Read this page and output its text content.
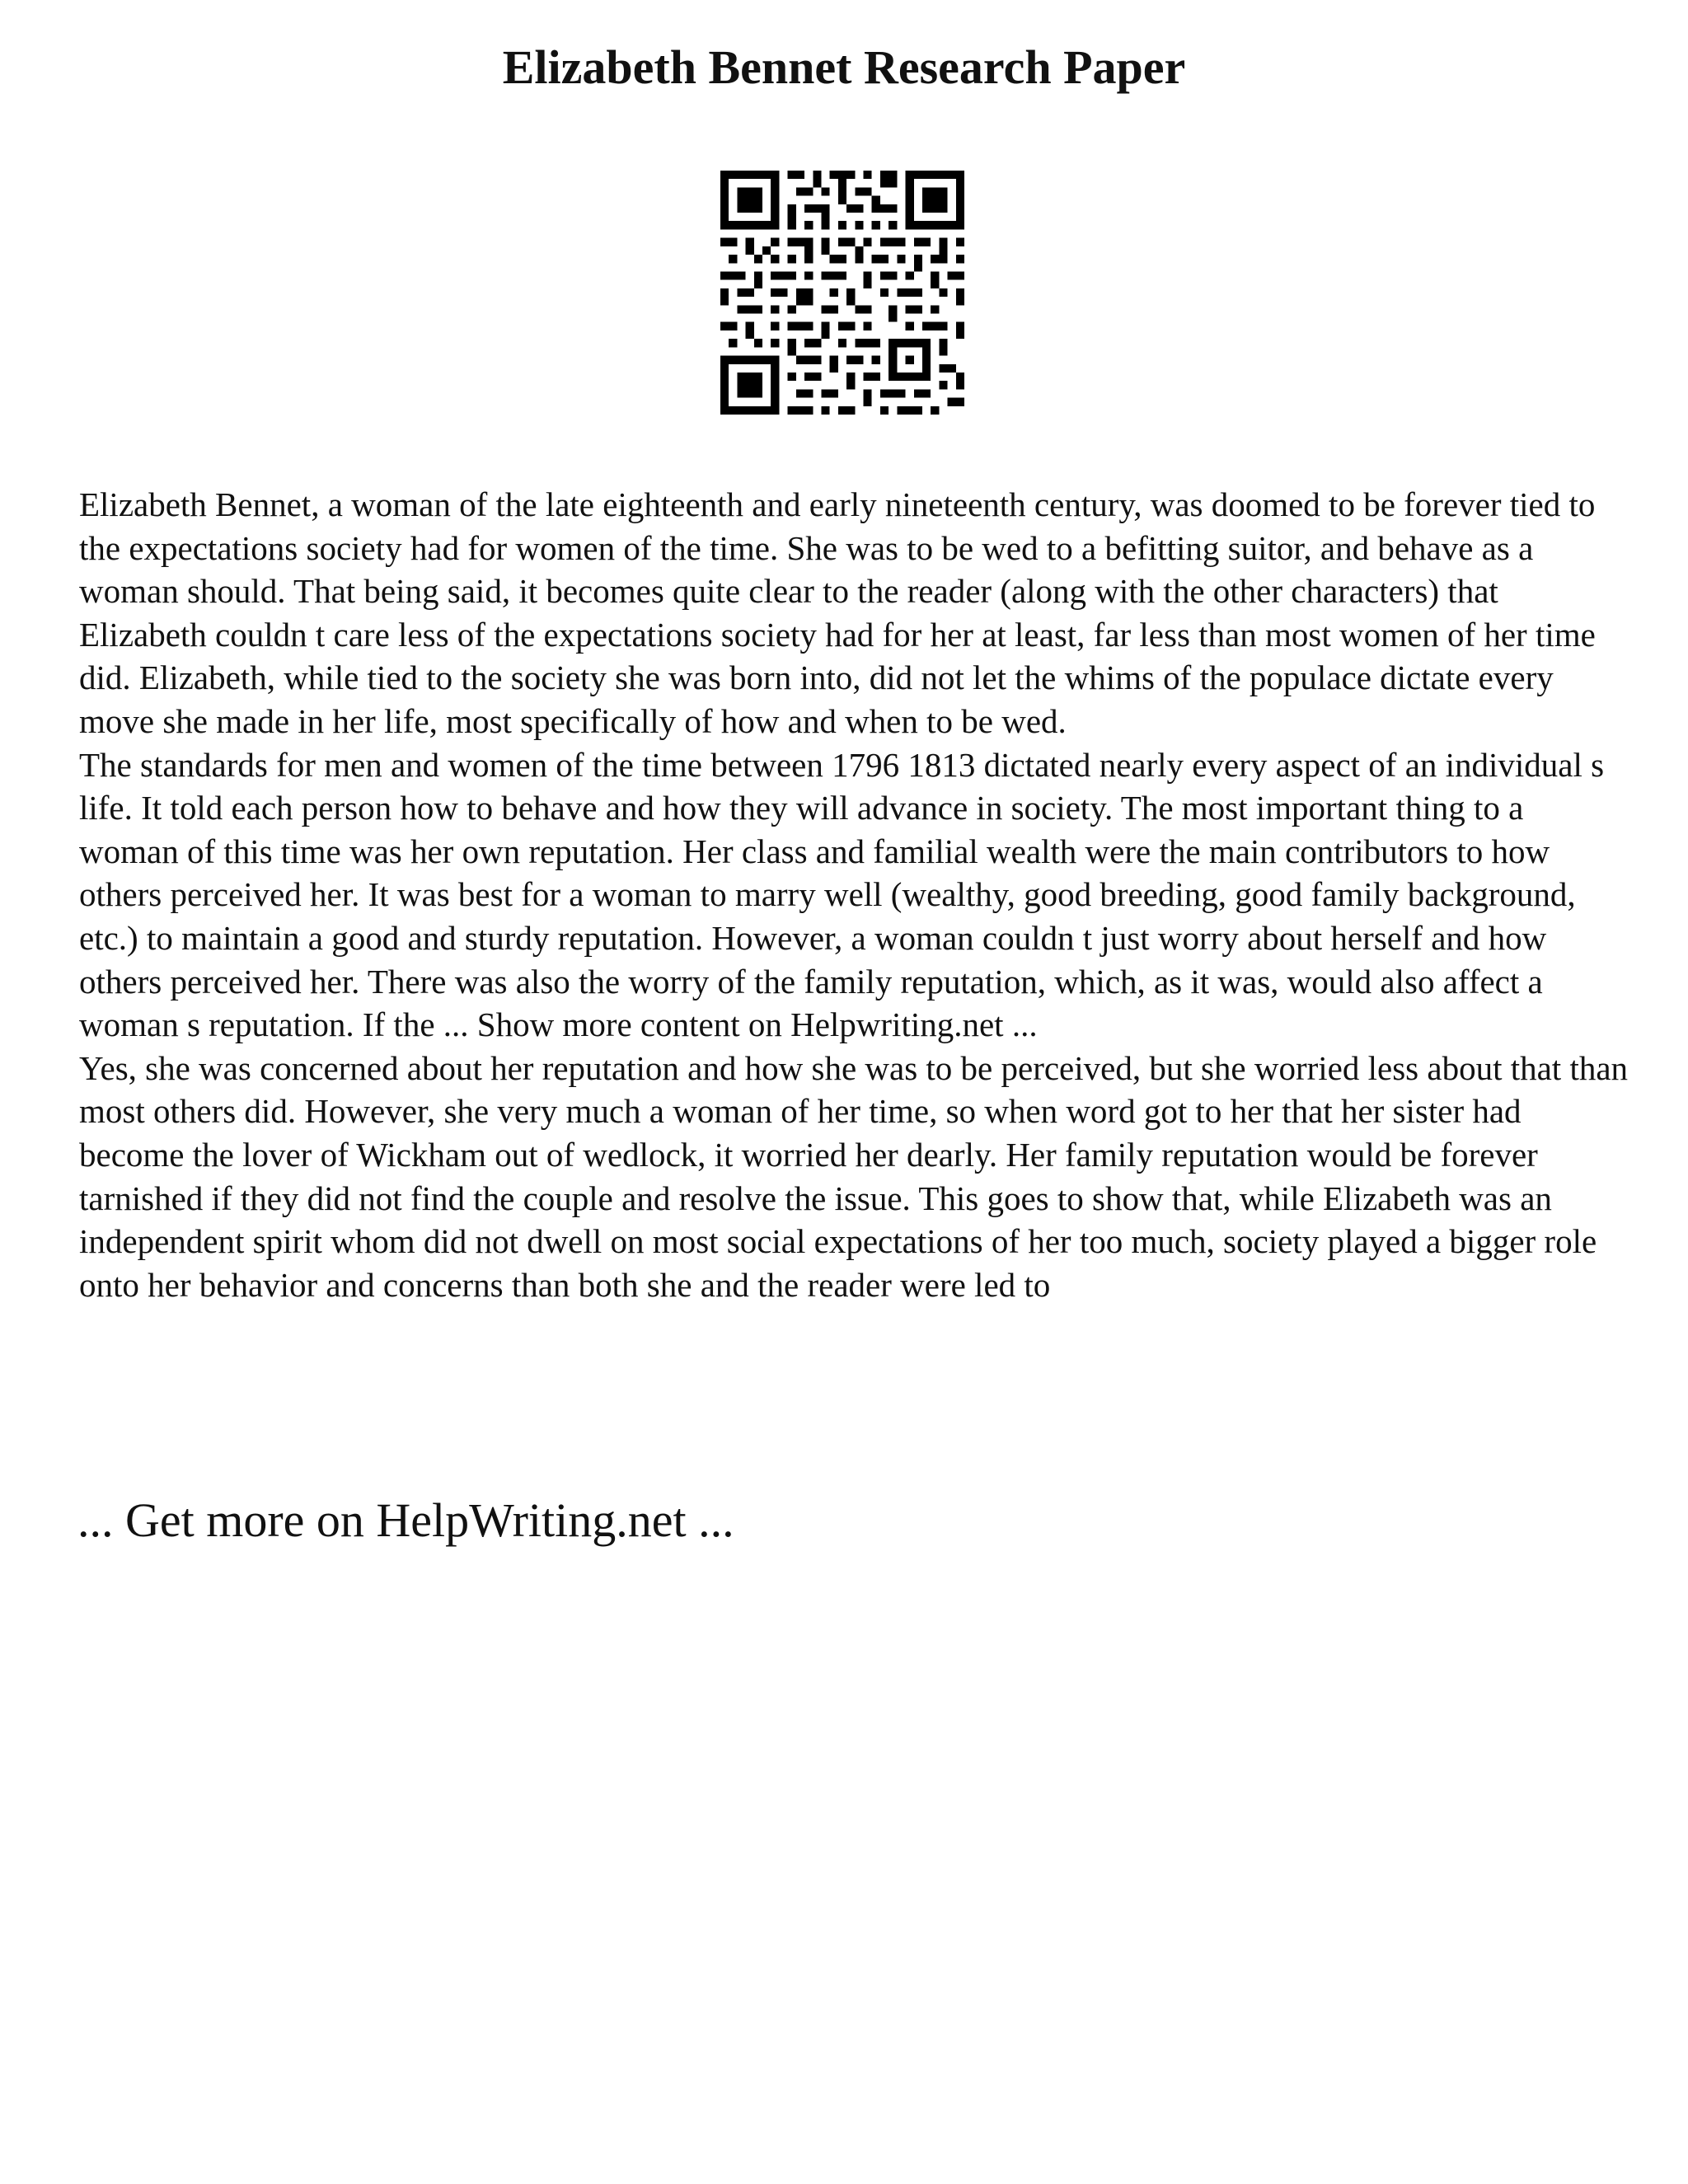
Elizabeth Bennet Research Paper

Elizabeth Bennet, a woman of the late eighteenth and early nineteenth century, was doomed to be forever tied to the expectations society had for women of the time. She was to be wed to a befitting suitor, and behave as a woman should. That being said, it becomes quite clear to the reader (along with the other characters) that Elizabeth couldn t care less of the expectations society had for her at least, far less than most women of her time did. Elizabeth, while tied to the society she was born into, did not let the whims of the populace dictate every move she made in her life, most specifically of how and when to be wed.

The standards for men and women of the time between 1796 1813 dictated nearly every aspect of an individual s life. It told each person how to behave and how they will advance in society. The most important thing to a woman of this time was her own reputation. Her class and familial wealth were the main contributors to how others perceived her. It was best for a woman to marry well (wealthy, good breeding, good family background, etc.) to maintain a good and sturdy reputation. However, a woman couldn t just worry about herself and how others perceived her. There was also the worry of the family reputation, which, as it was, would also affect a woman s reputation. If the ... Show more content on Helpwriting.net ...

Yes, she was concerned about her reputation and how she was to be perceived, but she worried less about that than most others did. However, she very much a woman of her time, so when word got to her that her sister had become the lover of Wickham out of wedlock, it worried her dearly. Her family reputation would be forever tarnished if they did not find the couple and resolve the issue. This goes to show that, while Elizabeth was an independent spirit whom did not dwell on most social expectations of her too much, society played a bigger role onto her behavior and concerns than both she and the reader were led to

... Get more on HelpWriting.net ...
